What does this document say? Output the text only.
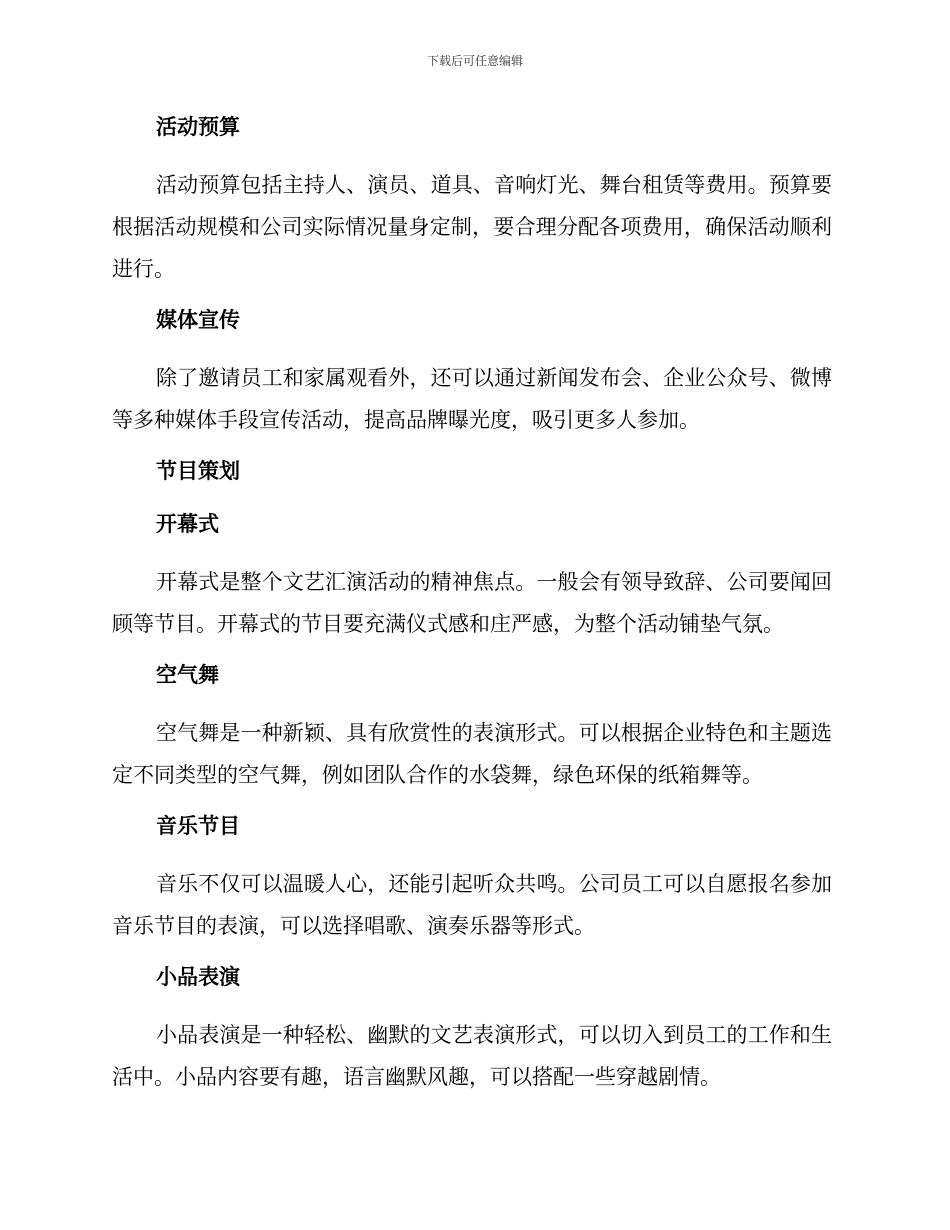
下载后可任意编辑
活动预算

活动预算包括主持人、演员、道具、音响灯光、舞台租赁等费用。预算要根据活动规模和公司实际情况量身定制，要合理分配各项费用，确保活动顺利进行。

媒体宣传

除了邀请员工和家属观看外，还可以通过新闻发布会、企业公众号、微博等多种媒体手段宣传活动，提高品牌曝光度，吸引更多人参加。

节目策划
开幕式

开幕式是整个文艺汇演活动的精神焦点。一般会有领导致辞、公司要闻回顾等节目。开幕式的节目要充满仪式感和庄严感，为整个活动铺垫气氛。

空气舞

空气舞是一种新颖、具有欣赏性的表演形式。可以根据企业特色和主题选定不同类型的空气舞，例如团队合作的水袋舞，绿色环保的纸箱舞等。

音乐节目

音乐不仅可以温暖人心，还能引起听众共鸣。公司员工可以自愿报名参加音乐节目的表演，可以选择唱歌、演奏乐器等形式。

小品表演

小品表演是一种轻松、幽默的文艺表演形式，可以切入到员工的工作和生活中。小品内容要有趣，语言幽默风趣，可以搭配一些穿越剧情。
